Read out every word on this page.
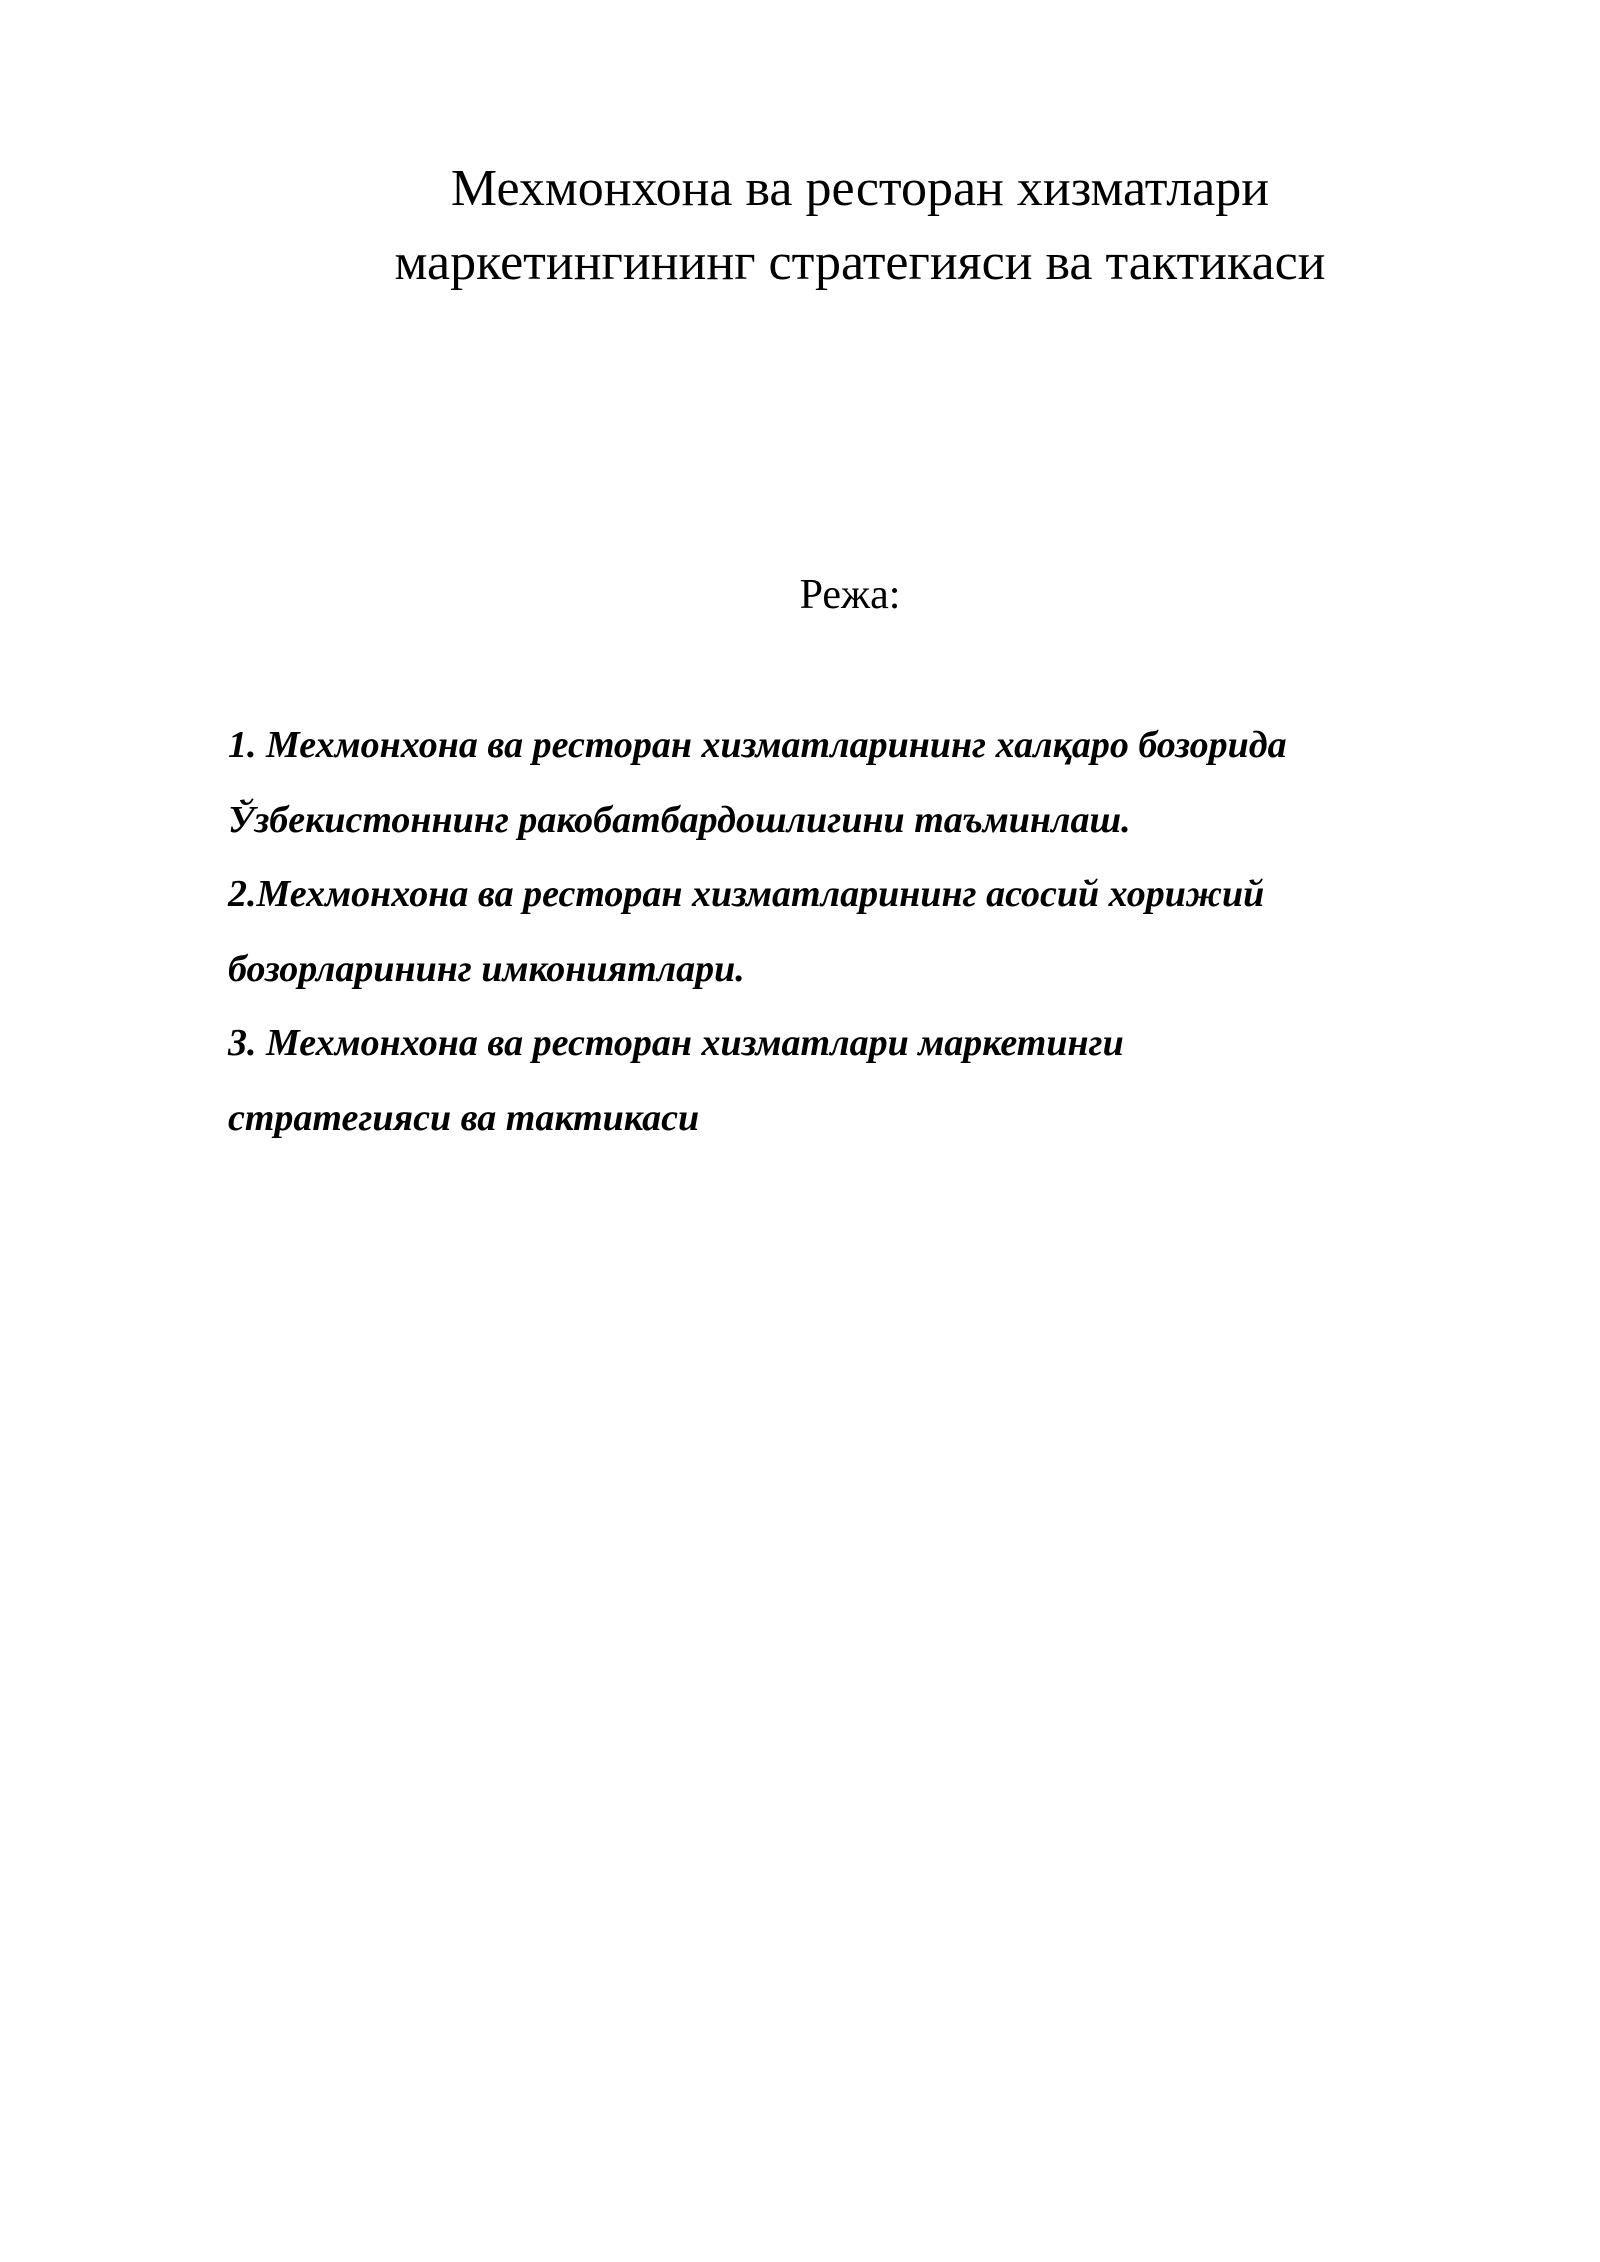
Мехмонхона ва ресторан хизматлари
маркетингининг стратегияси ва тактикаси

Режа:

1. Мехмонхона ва ресторан хизматларининг халқаро бозорида
Ўзбекистоннинг ракобатбардошлигини таъминлаш.
2.Мехмонхона ва ресторан хизматларининг асосий хорижий
бозорларининг имкониятлари.
3. Мехмонхона ва ресторан хизматлари маркетинги
стратегияси ва тактикаси
